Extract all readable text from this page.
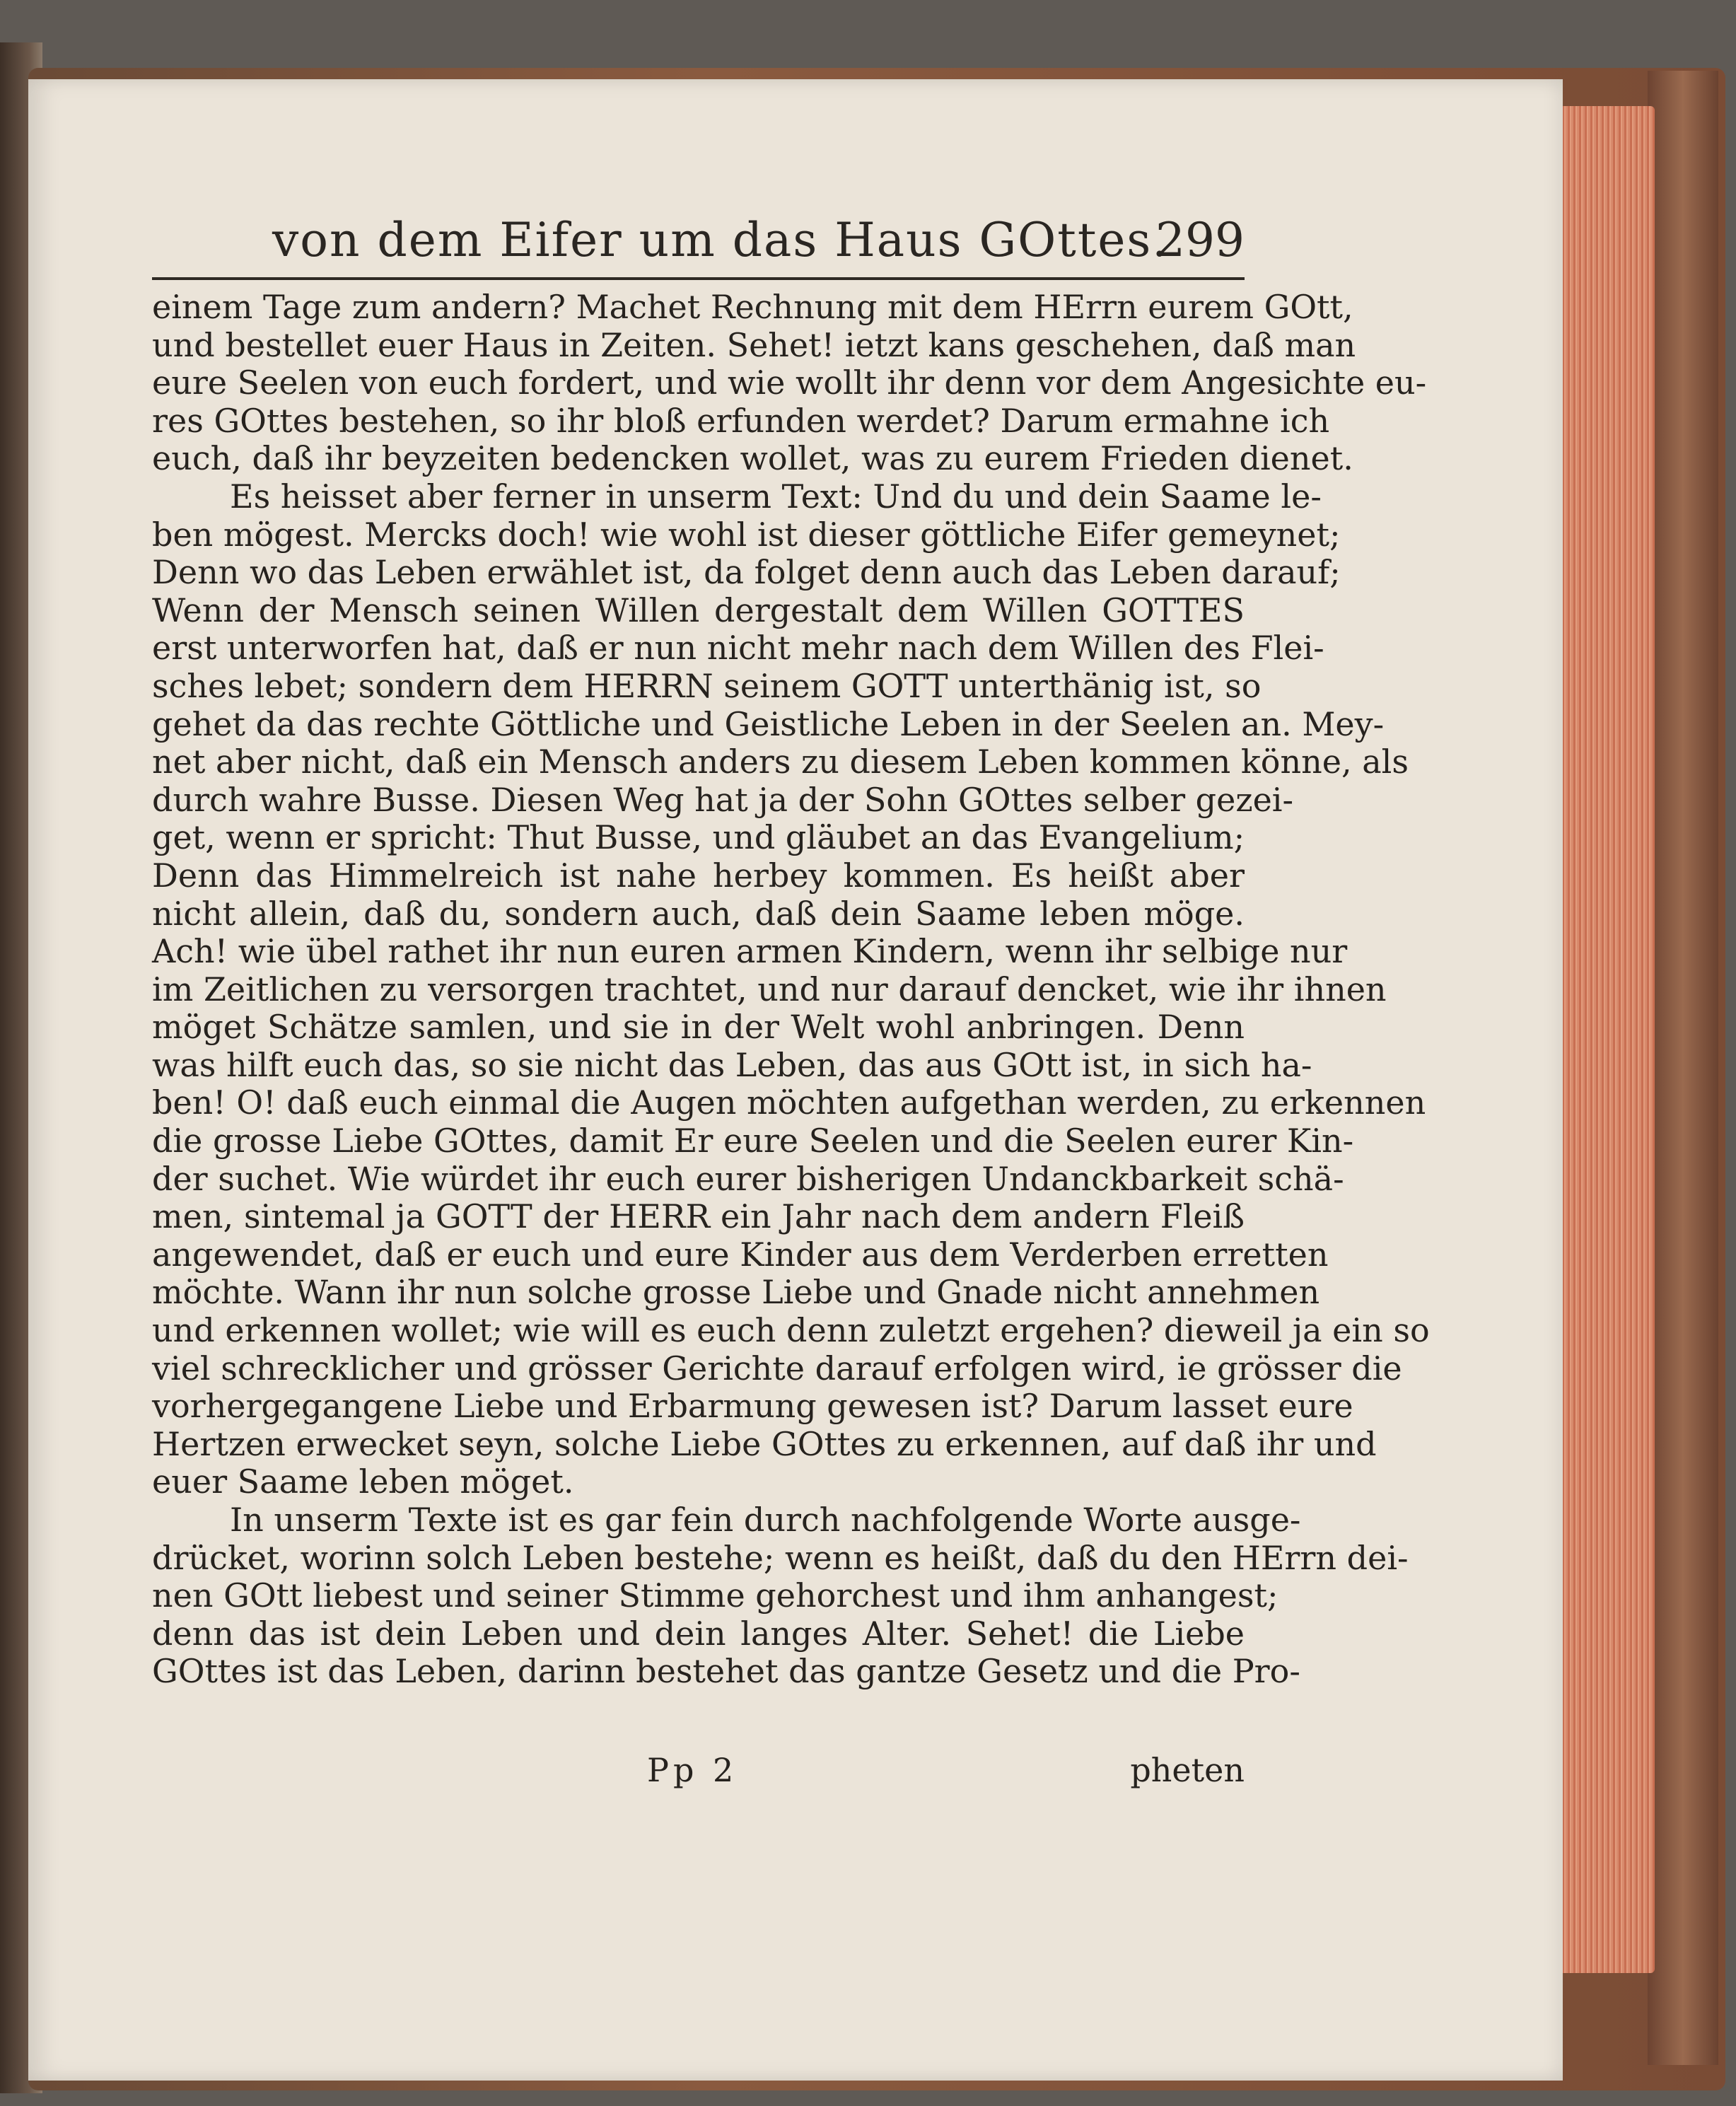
von dem Eifer um das Haus GOttes.
299
einem Tage zum andern? Machet Rechnung mit dem HErrn eurem GOtt,
und bestellet euer Haus in Zeiten. Sehet! ietzt kans geschehen, daß man
eure Seelen von euch fordert, und wie wollt ihr denn vor dem Angesichte eu-
res GOttes bestehen, so ihr bloß erfunden werdet? Darum ermahne ich
euch, daß ihr beyzeiten bedencken wollet, was zu eurem Frieden dienet.
Es heisset aber ferner in unserm Text: Und du und dein Saame le-
ben mögest. Mercks doch! wie wohl ist dieser göttliche Eifer gemeynet;
Denn wo das Leben erwählet ist, da folget denn auch das Leben darauf;
Wenn der Mensch seinen Willen dergestalt dem Willen GOTTES
erst unterworfen hat, daß er nun nicht mehr nach dem Willen des Flei-
sches lebet; sondern dem HERRN seinem GOTT unterthänig ist, so
gehet da das rechte Göttliche und Geistliche Leben in der Seelen an. Mey-
net aber nicht, daß ein Mensch anders zu diesem Leben kommen könne, als
durch wahre Busse. Diesen Weg hat ja der Sohn GOttes selber gezei-
get, wenn er spricht: Thut Busse, und gläubet an das Evangelium;
Denn das Himmelreich ist nahe herbey kommen. Es heißt aber
nicht allein, daß du, sondern auch, daß dein Saame leben möge.
Ach! wie übel rathet ihr nun euren armen Kindern, wenn ihr selbige nur
im Zeitlichen zu versorgen trachtet, und nur darauf dencket, wie ihr ihnen
möget Schätze samlen, und sie in der Welt wohl anbringen. Denn
was hilft euch das, so sie nicht das Leben, das aus GOtt ist, in sich ha-
ben! O! daß euch einmal die Augen möchten aufgethan werden, zu erkennen
die grosse Liebe GOttes, damit Er eure Seelen und die Seelen eurer Kin-
der suchet. Wie würdet ihr euch eurer bisherigen Undanckbarkeit schä-
men, sintemal ja GOTT der HERR ein Jahr nach dem andern Fleiß
angewendet, daß er euch und eure Kinder aus dem Verderben erretten
möchte. Wann ihr nun solche grosse Liebe und Gnade nicht annehmen
und erkennen wollet; wie will es euch denn zuletzt ergehen? dieweil ja ein so
viel schrecklicher und grösser Gerichte darauf erfolgen wird, ie grösser die
vorhergegangene Liebe und Erbarmung gewesen ist? Darum lasset eure
Hertzen erwecket seyn, solche Liebe GOttes zu erkennen, auf daß ihr und
euer Saame leben möget.
In unserm Texte ist es gar fein durch nachfolgende Worte ausge-
drücket, worinn solch Leben bestehe; wenn es heißt, daß du den HErrn dei-
nen GOtt liebest und seiner Stimme gehorchest und ihm anhangest;
denn das ist dein Leben und dein langes Alter. Sehet! die Liebe
GOttes ist das Leben, darinn bestehet das gantze Gesetz und die Pro-
Pp 2	pheten
